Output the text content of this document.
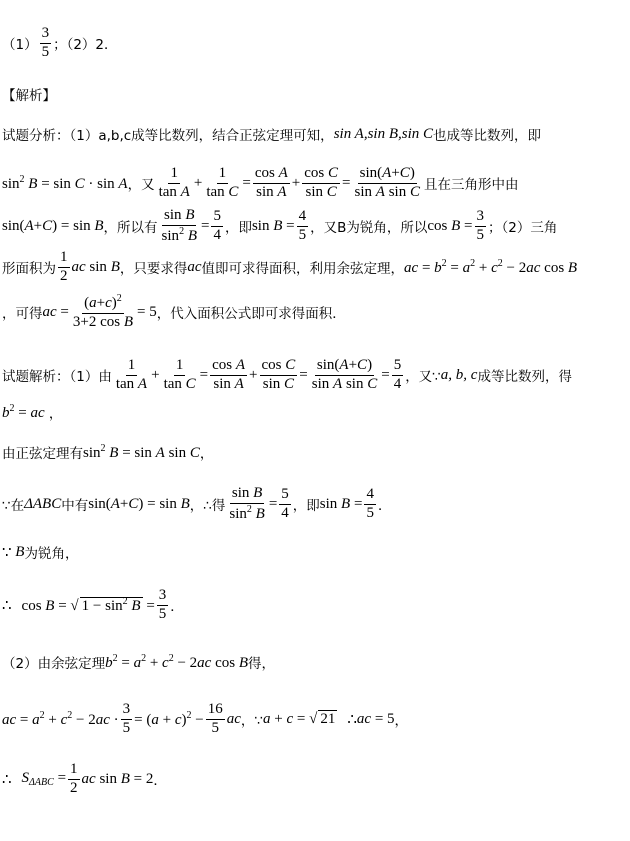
$(1) \frac{3}{5}$ ；（2）2．
【解析】
试题分析：（1）a,b,c成等比数列，结合正弦定理可知， sin A,sin B,sin C 也成等比数列，即
$\sin^2 B = \sin C \cdot \sin A$ ，又 $\frac{1}{\text{tan A}} + \frac{1}{\text{tan C}} = \frac{\text{cos A}}{\text{sin A}} + \frac{\text{cos C}}{\text{sin C}} = \frac{\sin(A+C)}{\text{sin A sin C}}$ 且在三角形中由
sin(A+C) = sin B ，所以有 $\frac{\text{sin B}}{\sin^2 B} = \frac{5}{4}$ ，即 $\sin B = \frac{4}{5}$ ，又B为锐角，所以 $\cos B = \frac{3}{5}$ ；（2）三角
形面积为 $\frac{1}{2}$ ac sin B ，只要求得 ac 值即可求得面积，利用余弦定理， ac = $b^2 = a^2 + c^2 - 2ac$ cos B
，可得 ac = $\frac{(a+c)^2}{\text{3+2 cos B}} = 5$ ，代入面积公式即可求得面积．
试题解析：（1）由 $\frac{1}{\text{tan A}} + \frac{1}{\text{tan C}} = \frac{\text{cos A}}{\text{sin A}} + \frac{\text{cos C}}{\text{sin C}} = \frac{\sin(A+C)}{\text{sin A sin C}} = \frac{5}{4}$ ，又∵ a, b, c 成等比数列，得
$b^2$ = ac ，
由正弦定理有 $\sin^2 B = \sin A$ sin C ，
∵在 ΔABC 中有 sin(A+C) = sin B ，∴得 $\frac{\text{sin B}}{\sin^2 B} = \frac{5}{4}$ ，即 $\sin B = \frac{4}{5}$ ．
∵
B 为锐角，
∴ cos B = √ $1 - \sin^2 B = \frac{3}{5}$ ．
（2）由余弦定理 $b^2 = a^2 + c^2 - 2ac$ cos B 得，
ac = $a^2 + c^2 - 2ac \cdot \frac{3}{5} = (a + c)^2 - \frac{16}{5}$ ac ，∵ a + c = √ 21 ∴ ac = 5 ，
∴ $S_{\Delta ABC} = \frac{1}{2}$ ac sin B = 2 ．
